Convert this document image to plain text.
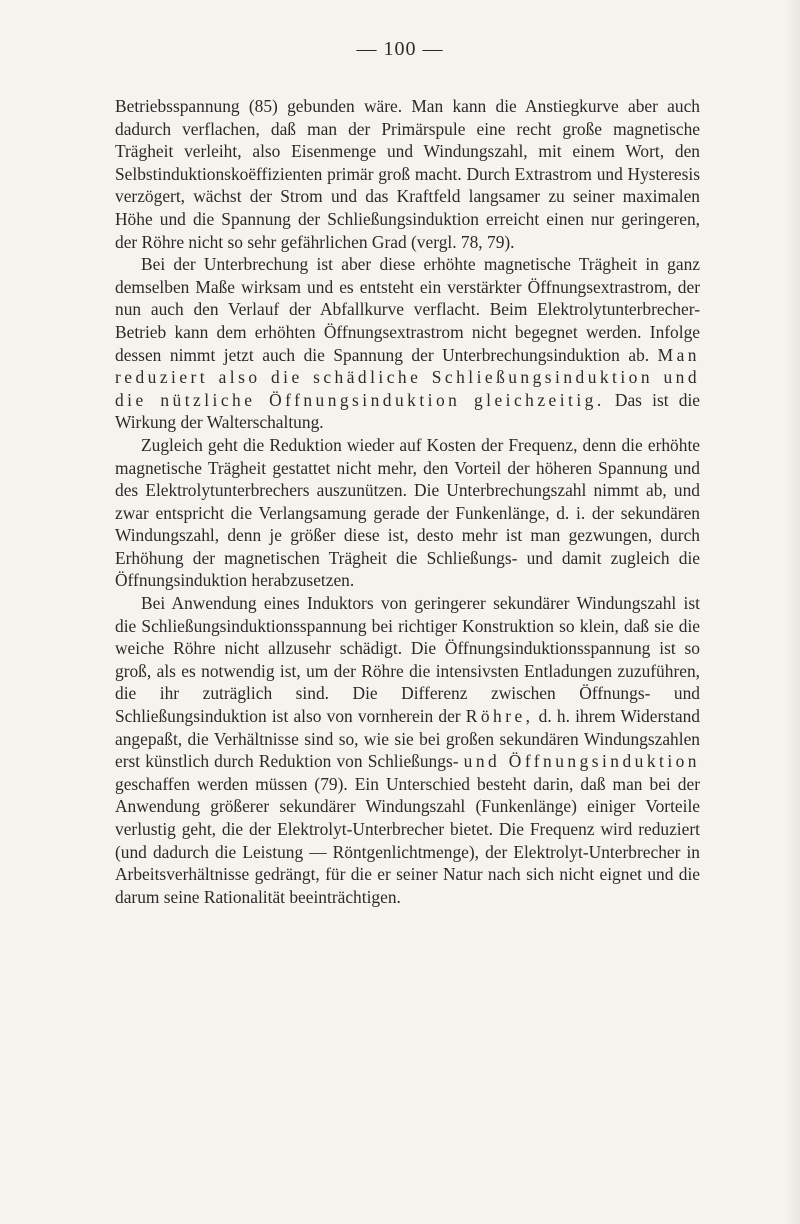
— 100 —

Betriebsspannung (85) gebunden wäre. Man kann die Anstiegkurve aber auch dadurch verflachen, daß man der Primärspule eine recht große magnetische Trägheit verleiht, also Eisenmenge und Windungszahl, mit einem Wort, den Selbstinduktionskoëffizienten primär groß macht. Durch Extrastrom und Hysteresis verzögert, wächst der Strom und das Kraftfeld langsamer zu seiner maximalen Höhe und die Spannung der Schließungsinduktion erreicht einen nur geringeren, der Röhre nicht so sehr gefährlichen Grad (vergl. 78, 79).

Bei der Unterbrechung ist aber diese erhöhte magnetische Trägheit in ganz demselben Maße wirksam und es entsteht ein verstärkter Öffnungsextrastrom, der nun auch den Verlauf der Abfallkurve verflacht. Beim Elektrolytunterbrecher-Betrieb kann dem erhöhten Öffnungsextrastrom nicht begegnet werden. Infolge dessen nimmt jetzt auch die Spannung der Unterbrechungsinduktion ab. Man reduziert also die schädliche Schließungsinduktion und die nützliche Öffnungsinduktion gleichzeitig. Das ist die Wirkung der Walterschaltung.

Zugleich geht die Reduktion wieder auf Kosten der Frequenz, denn die erhöhte magnetische Trägheit gestattet nicht mehr, den Vorteil der höheren Spannung und des Elektrolytunterbrechers auszunützen. Die Unterbrechungszahl nimmt ab, und zwar entspricht die Verlangsamung gerade der Funkenlänge, d. i. der sekundären Windungszahl, denn je größer diese ist, desto mehr ist man gezwungen, durch Erhöhung der magnetischen Trägheit die Schließungs- und damit zugleich die Öffnungsinduktion herabzusetzen.

Bei Anwendung eines Induktors von geringerer sekundärer Windungszahl ist die Schließungsinduktionsspannung bei richtiger Konstruktion so klein, daß sie die weiche Röhre nicht allzusehr schädigt. Die Öffnungsinduktionsspannung ist so groß, als es notwendig ist, um der Röhre die intensivsten Entladungen zuzuführen, die ihr zuträglich sind. Die Differenz zwischen Öffnungs- und Schließungsinduktion ist also von vornherein der Röhre, d. h. ihrem Widerstand angepaßt, die Verhältnisse sind so, wie sie bei großen sekundären Windungszahlen erst künstlich durch Reduktion von Schließungs- und Öffnungsinduktion geschaffen werden müssen (79). Ein Unterschied besteht darin, daß man bei der Anwendung größerer sekundärer Windungszahl (Funkenlänge) einiger Vorteile verlustig geht, die der Elektrolyt-Unterbrecher bietet. Die Frequenz wird reduziert (und dadurch die Leistung — Röntgenlichtmenge), der Elektrolyt-Unterbrecher in Arbeitsverhältnisse gedrängt, für die er seiner Natur nach sich nicht eignet und die darum seine Rationalität beeinträchtigen.
